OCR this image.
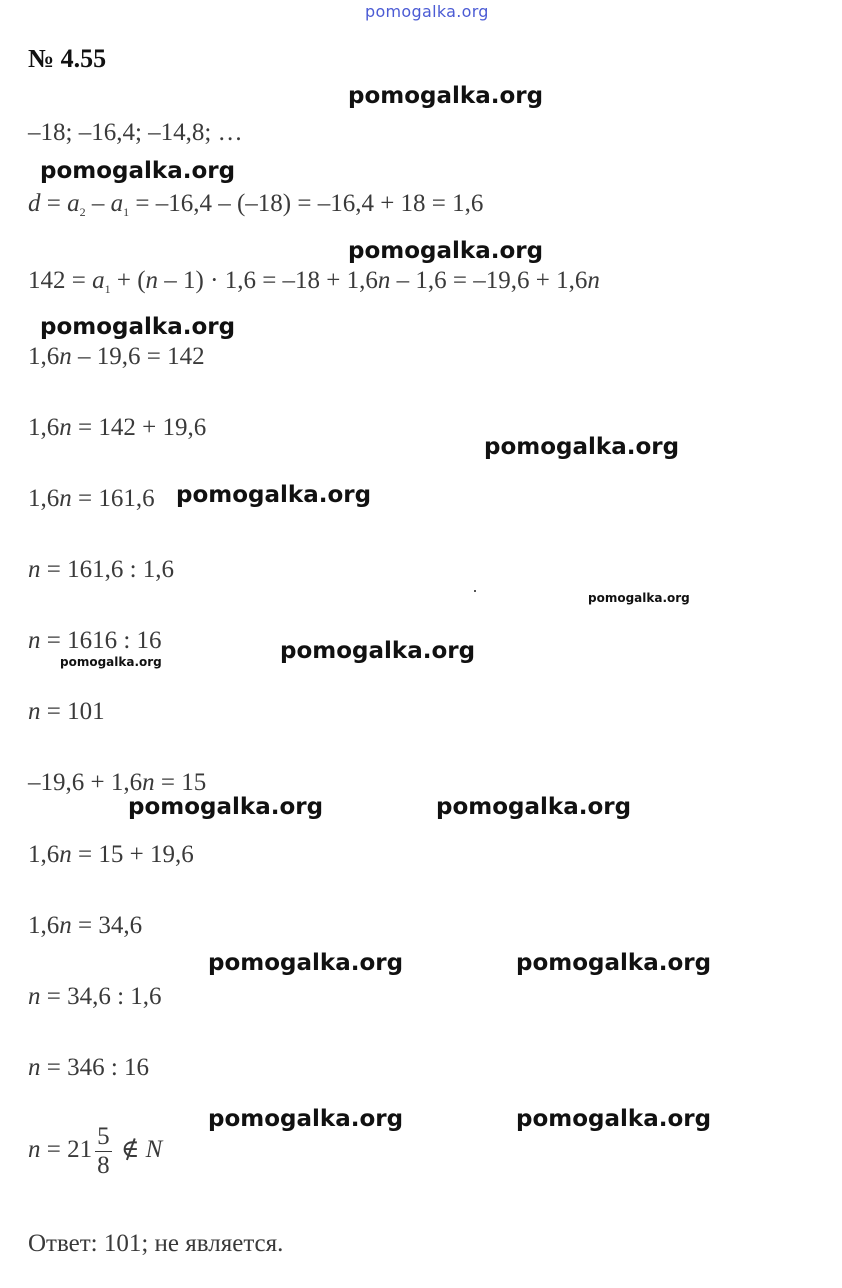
pomogalka.org
№ 4.55
–18; –16,4; –14,8; …
$d = a_2 - a_1 = -16,4 - (-18) = -16,4 + 18 = 1,6$
$142 = a_1 + (n - 1) \cdot 1,6 = -18 + 1,6n - 1,6 = -19,6 + 1,6n$
1,6n – 19,6 = 142
1,6n = 142 + 19,6
1,6n = 161,6
n = 161,6 : 1,6
n = 1616 : 16
n = 101
–19,6 + 1,6n = 15
1,6n = 15 + 19,6
1,6n = 34,6
n = 34,6 : 1,6
n = 346 : 16
$n = 21 \frac{5}{8}$ ∉ N
Ответ: 101; не является.
pomogalka.org
pomogalka.org
pomogalka.org
pomogalka.org
pomogalka.org
pomogalka.org
pomogalka.org
pomogalka.org	pomogalka.org
pomogalka.org	pomogalka.org
pomogalka.org	pomogalka.org
pomogalka.org
pomogalka.org
